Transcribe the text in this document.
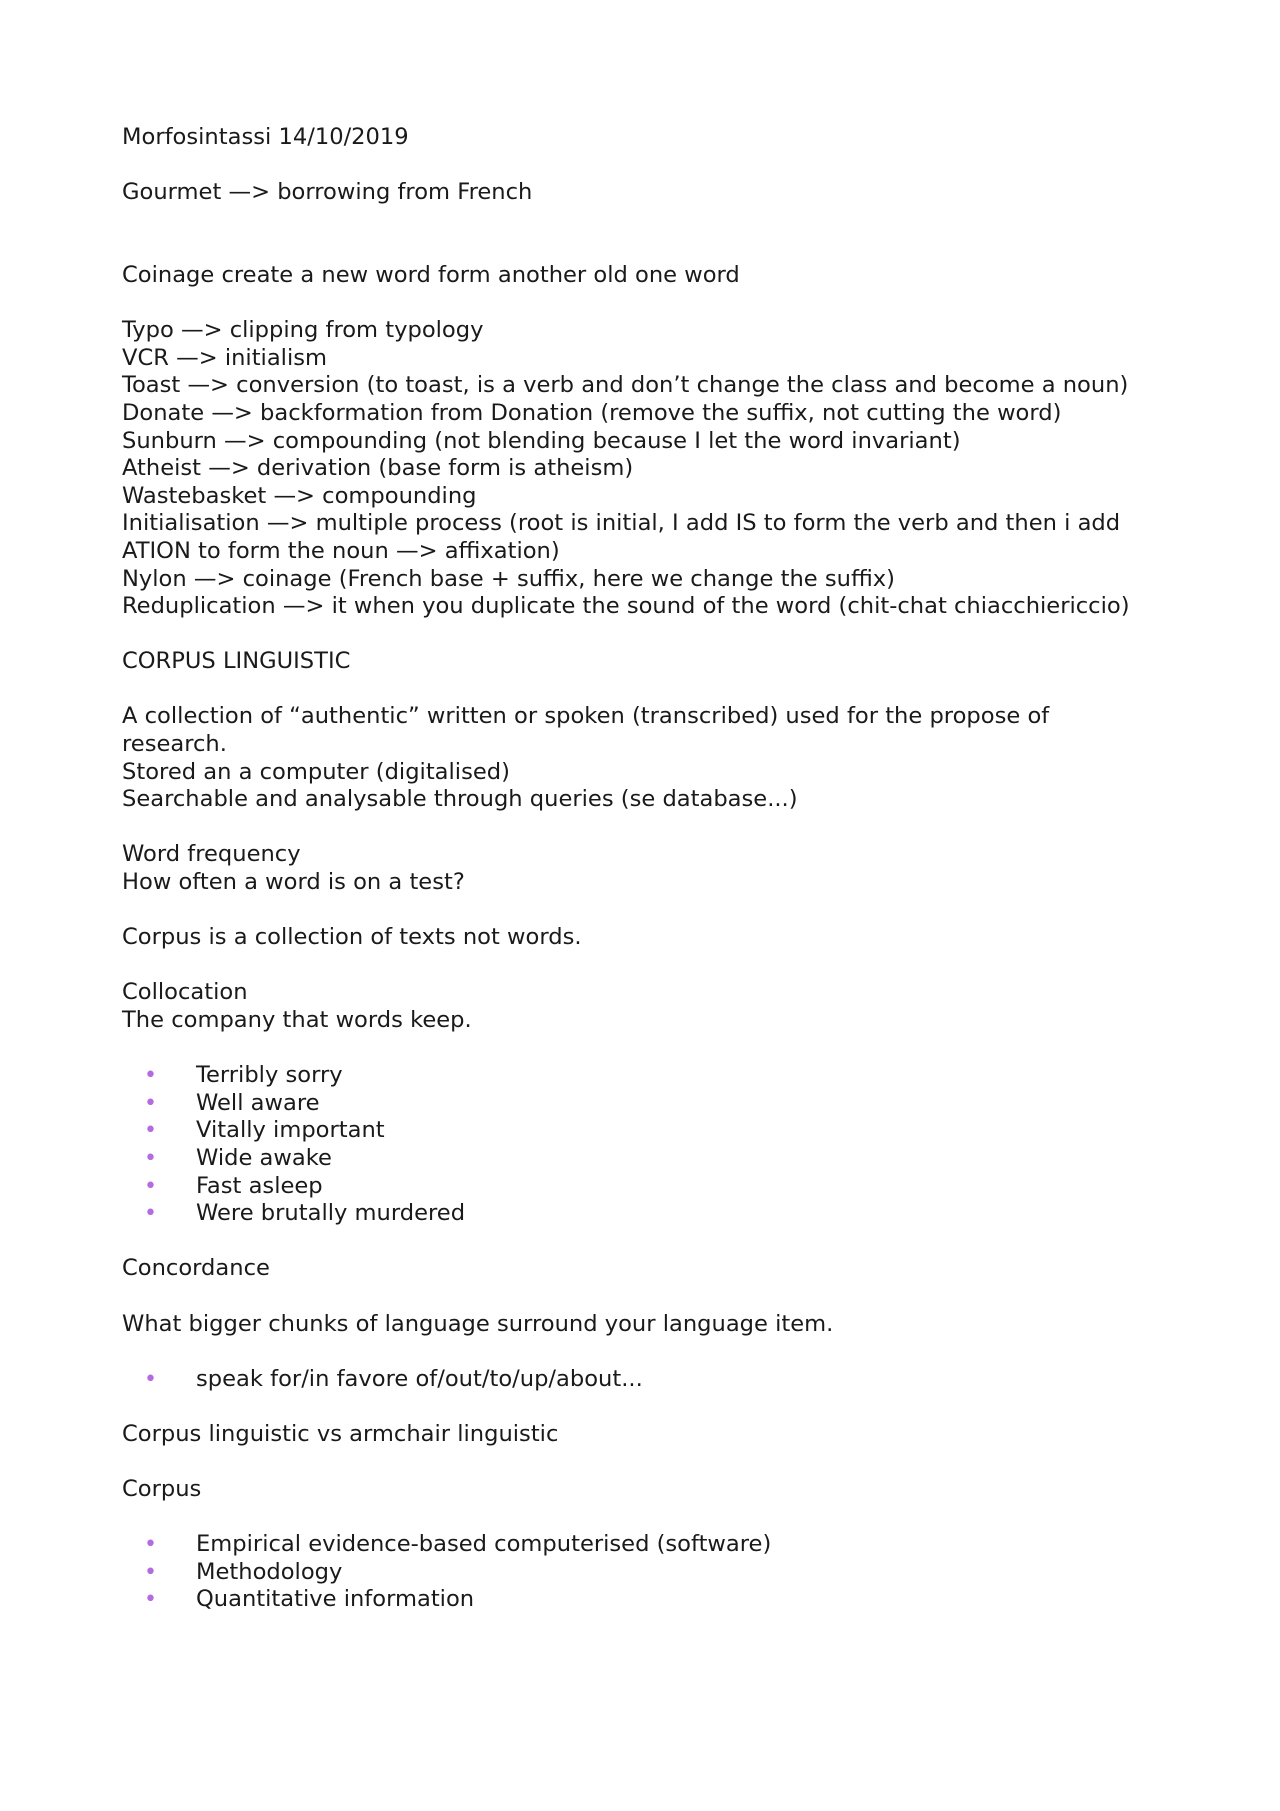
Morfosintassi 14/10/2019
Gourmet —> borrowing from French
Coinage create a new word form another old one word
Typo —> clipping from typology
VCR —> initialism
Toast —> conversion (to toast, is a verb and don’t change the class and become a noun)
Donate —> backformation from Donation (remove the suffix, not cutting the word)
Sunburn —> compounding (not blending because I let the word invariant)
Atheist —> derivation (base form is atheism)
Wastebasket —> compounding
Initialisation —> multiple process (root is initial, I add IS to form the verb and then i add ATION to form the noun —> affixation)
Nylon —> coinage (French base + suffix, here we change the suffix)
Reduplication —> it when you duplicate the sound of the word (chit-chat chiacchiericcio)
CORPUS LINGUISTIC
A collection of “authentic” written or spoken (transcribed) used for the propose of research.
Stored an a computer (digitalised)
Searchable and analysable through queries (se database...)
Word frequency
How often a word is on a test?
Corpus is a collection of texts not words.
Collocation
The company that words keep.
• Terribly sorry
• Well aware
• Vitally important
• Wide awake
• Fast asleep
• Were brutally murdered
Concordance
What bigger chunks of language surround your language item.
• speak for/in favore of/out/to/up/about...
Corpus linguistic vs armchair linguistic
Corpus
• Empirical evidence-based computerised (software)
• Methodology
• Quantitative information
